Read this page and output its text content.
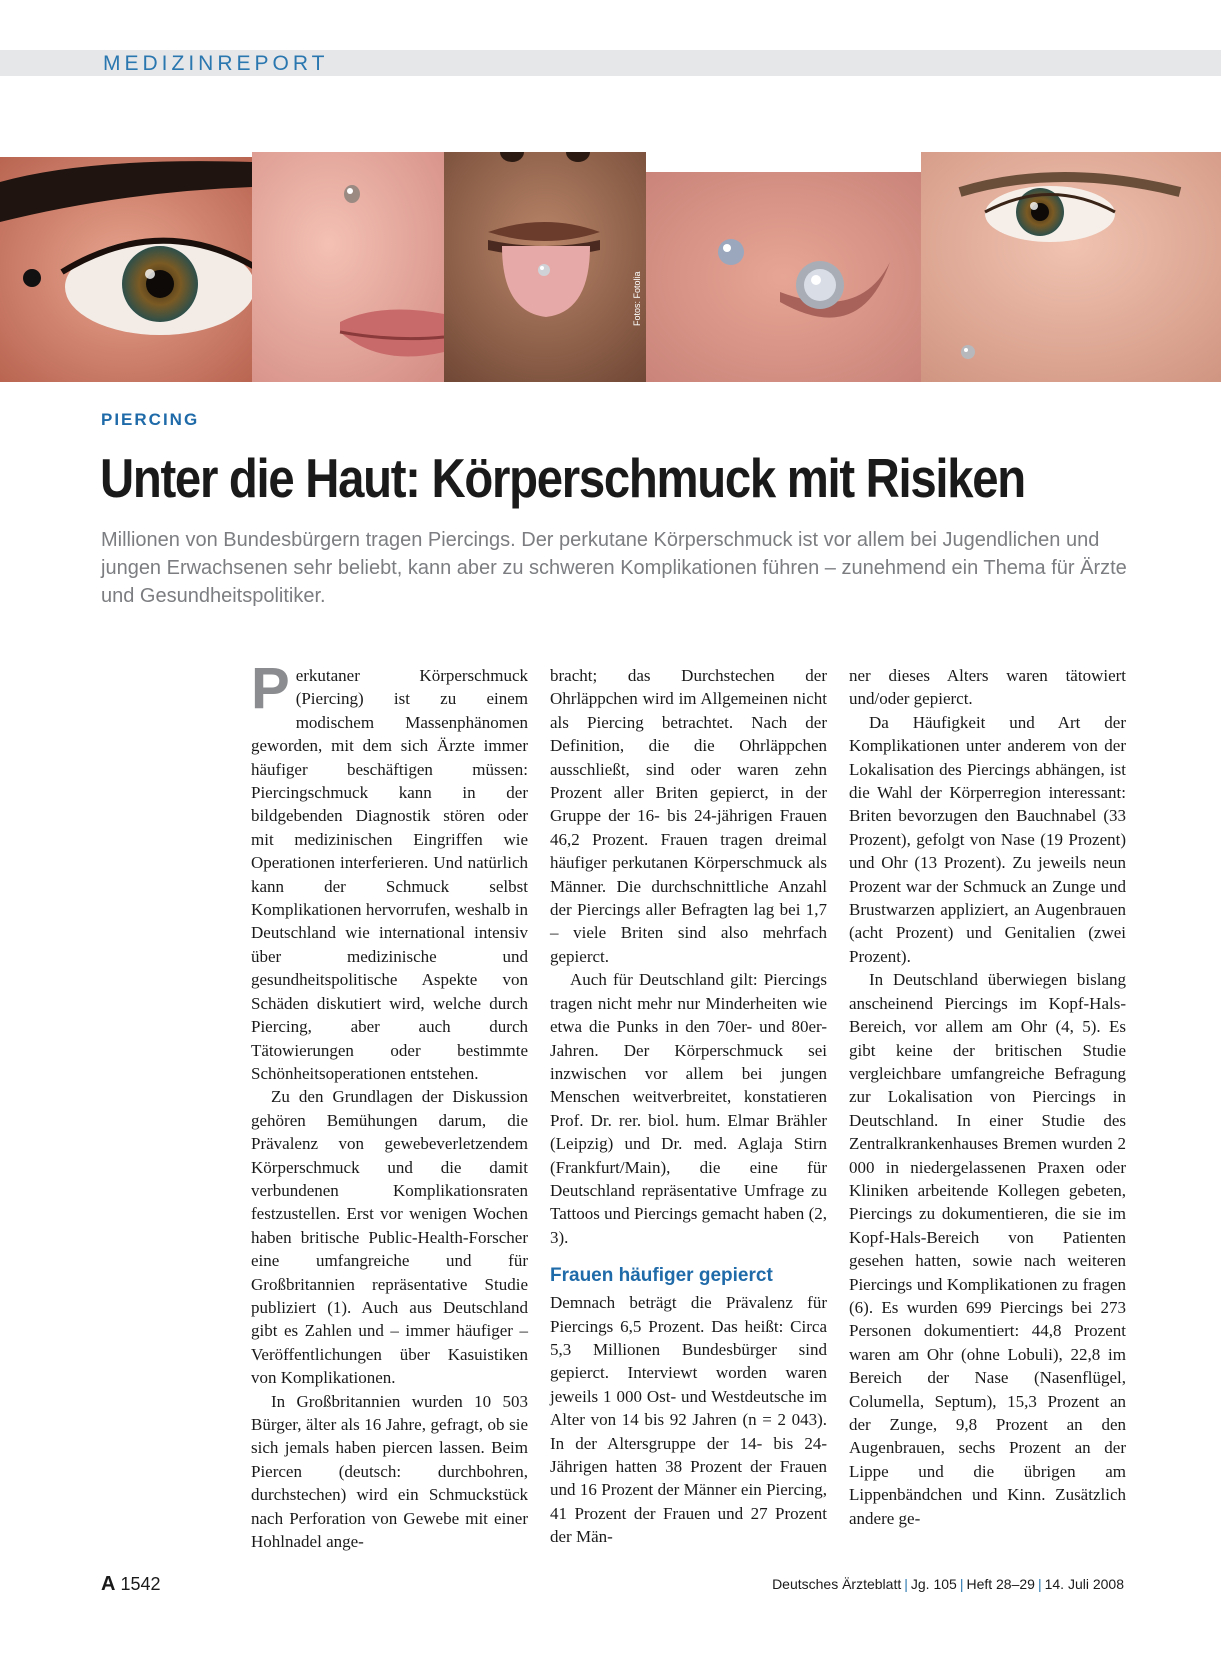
MEDIZINREPORT
Fotos: Fotolia
PIERCING
Unter die Haut: Körperschmuck mit Risiken
Millionen von Bundesbürgern tragen Piercings. Der perkutane Körperschmuck ist vor allem bei Jugendlichen und jungen Erwachsenen sehr beliebt, kann aber zu schweren Komplikationen führen – zunehmend ein Thema für Ärzte und Gesundheitspolitiker.

Perkutaner Körperschmuck (Piercing) ist zu einem modischem Massenphänomen geworden, mit dem sich Ärzte immer häufiger beschäftigen müssen: Piercingschmuck kann in der bildgebenden Diagnostik stören oder mit medizinischen Eingriffen wie Operationen interferieren. Und natürlich kann der Schmuck selbst Komplikationen hervorrufen, weshalb in Deutschland wie international intensiv über medizinische und gesundheitspolitische Aspekte von Schäden diskutiert wird, welche durch Piercing, aber auch durch Tätowierungen oder bestimmte Schönheitsoperationen entstehen.

Zu den Grundlagen der Diskussion gehören Bemühungen darum, die Prävalenz von gewebeverletzendem Körperschmuck und die damit verbundenen Komplikationsraten festzustellen. Erst vor wenigen Wochen haben britische Public-Health-Forscher eine umfangreiche und für Großbritannien repräsentative Studie publiziert (1). Auch aus Deutschland gibt es Zahlen und – immer häufiger – Veröffentlichungen über Kasuistiken von Komplikationen.

In Großbritannien wurden 10 503 Bürger, älter als 16 Jahre, gefragt, ob sie sich jemals haben piercen lassen. Beim Piercen (deutsch: durchbohren, durchstechen) wird ein Schmuckstück nach Perforation von Gewebe mit einer Hohlnadel ange-

bracht; das Durchstechen der Ohrläppchen wird im Allgemeinen nicht als Piercing betrachtet. Nach der Definition, die die Ohrläppchen ausschließt, sind oder waren zehn Prozent aller Briten gepierct, in der Gruppe der 16- bis 24-jährigen Frauen 46,2 Prozent. Frauen tragen dreimal häufiger perkutanen Körperschmuck als Männer. Die durchschnittliche Anzahl der Piercings aller Befragten lag bei 1,7 – viele Briten sind also mehrfach gepierct.

Auch für Deutschland gilt: Piercings tragen nicht mehr nur Minderheiten wie etwa die Punks in den 70er- und 80er-Jahren. Der Körperschmuck sei inzwischen vor allem bei jungen Menschen weitverbreitet, konstatieren Prof. Dr. rer. biol. hum. Elmar Brähler (Leipzig) und Dr. med. Aglaja Stirn (Frankfurt/Main), die eine für Deutschland repräsentative Umfrage zu Tattoos und Piercings gemacht haben (2, 3).

Frauen häufiger gepierct

Demnach beträgt die Prävalenz für Piercings 6,5 Prozent. Das heißt: Circa 5,3 Millionen Bundesbürger sind gepierct. Interviewt worden waren jeweils 1 000 Ost- und Westdeutsche im Alter von 14 bis 92 Jahren (n = 2 043). In der Altersgruppe der 14- bis 24-Jährigen hatten 38 Prozent der Frauen und 16 Prozent der Männer ein Piercing, 41 Prozent der Frauen und 27 Prozent der Män-

ner dieses Alters waren tätowiert und/oder gepierct.

Da Häufigkeit und Art der Komplikationen unter anderem von der Lokalisation des Piercings abhängen, ist die Wahl der Körperregion interessant: Briten bevorzugen den Bauchnabel (33 Prozent), gefolgt von Nase (19 Prozent) und Ohr (13 Prozent). Zu jeweils neun Prozent war der Schmuck an Zunge und Brustwarzen appliziert, an Augenbrauen (acht Prozent) und Genitalien (zwei Prozent).

In Deutschland überwiegen bislang anscheinend Piercings im Kopf-Hals-Bereich, vor allem am Ohr (4, 5). Es gibt keine der britischen Studie vergleichbare umfangreiche Befragung zur Lokalisation von Piercings in Deutschland. In einer Studie des Zentralkrankenhauses Bremen wurden 2 000 in niedergelassenen Praxen oder Kliniken arbeitende Kollegen gebeten, Piercings zu dokumentieren, die sie im Kopf-Hals-Bereich von Patienten gesehen hatten, sowie nach weiteren Piercings und Komplikationen zu fragen (6). Es wurden 699 Piercings bei 273 Personen dokumentiert: 44,8 Prozent waren am Ohr (ohne Lobuli), 22,8 im Bereich der Nase (Nasenflügel, Columella, Septum), 15,3 Prozent an der Zunge, 9,8 Prozent an den Augenbrauen, sechs Prozent an der Lippe und die übrigen am Lippenbändchen und Kinn. Zusätzlich andere ge-

A 1542	Deutsches Ärzteblatt | Jg. 105 | Heft 28–29 | 14. Juli 2008
